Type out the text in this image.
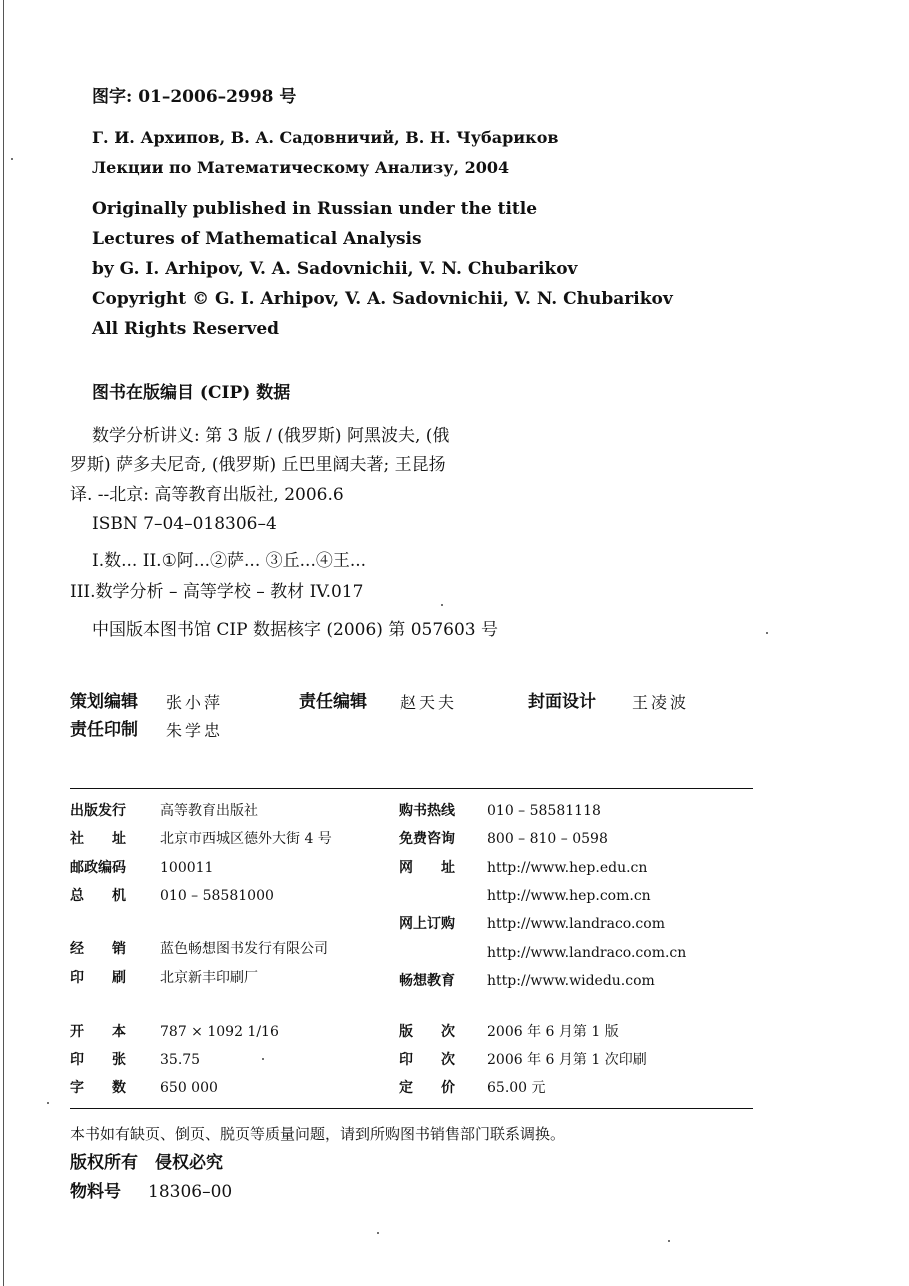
图字: 01–2006–2998 号
Г. И. Архипов, В. А. Садовничий, В. Н. Чубариков
Лекции по Математическому Анализу, 2004
Originally published in Russian under the title
Lectures of Mathematical Analysis
by G. I. Arhipov, V. A. Sadovnichii, V. N. Chubarikov
Copyright © G. I. Arhipov, V. A. Sadovnichii, V. N. Chubarikov
All Rights Reserved
图书在版编目 (CIP) 数据
数学分析讲义: 第 3 版 / (俄罗斯) 阿黑波夫, (俄
罗斯) 萨多夫尼奇, (俄罗斯) 丘巴里阔夫著; 王昆扬
译. --北京: 高等教育出版社, 2006.6
ISBN 7–04–018306–4
I.数... II.①阿...②萨... ③丘...④王...
III.数学分析 – 高等学校 – 教材 IV.017
中国版本图书馆 CIP 数据核字 (2006) 第 057603 号
策划编辑 张小萍	责任编辑 赵天夫	封面设计 王凌波
责任印制 朱学忠
出版发行 高等教育出版社
社　　址 北京市西城区德外大街 4 号
邮政编码 100011
总　　机 010 – 58581000
经　　销 蓝色畅想图书发行有限公司
印　　刷 北京新丰印刷厂
购书热线 010 – 58581118
免费咨询 800 – 810 – 0598
网　　址 http://www.hep.edu.cn
http://www.hep.com.cn
网上订购 http://www.landraco.com
http://www.landraco.com.cn
畅想教育 http://www.widedu.com
开　　本 787 × 1092 1/16
印　　张 35.75
字　　数 650 000
版　　次 2006 年 6 月第 1 版
印　　次 2006 年 6 月第 1 次印刷
定　　价 65.00 元
本书如有缺页、倒页、脱页等质量问题，请到所购图书销售部门联系调换。
版权所有　侵权必究
物料号 18306–00
